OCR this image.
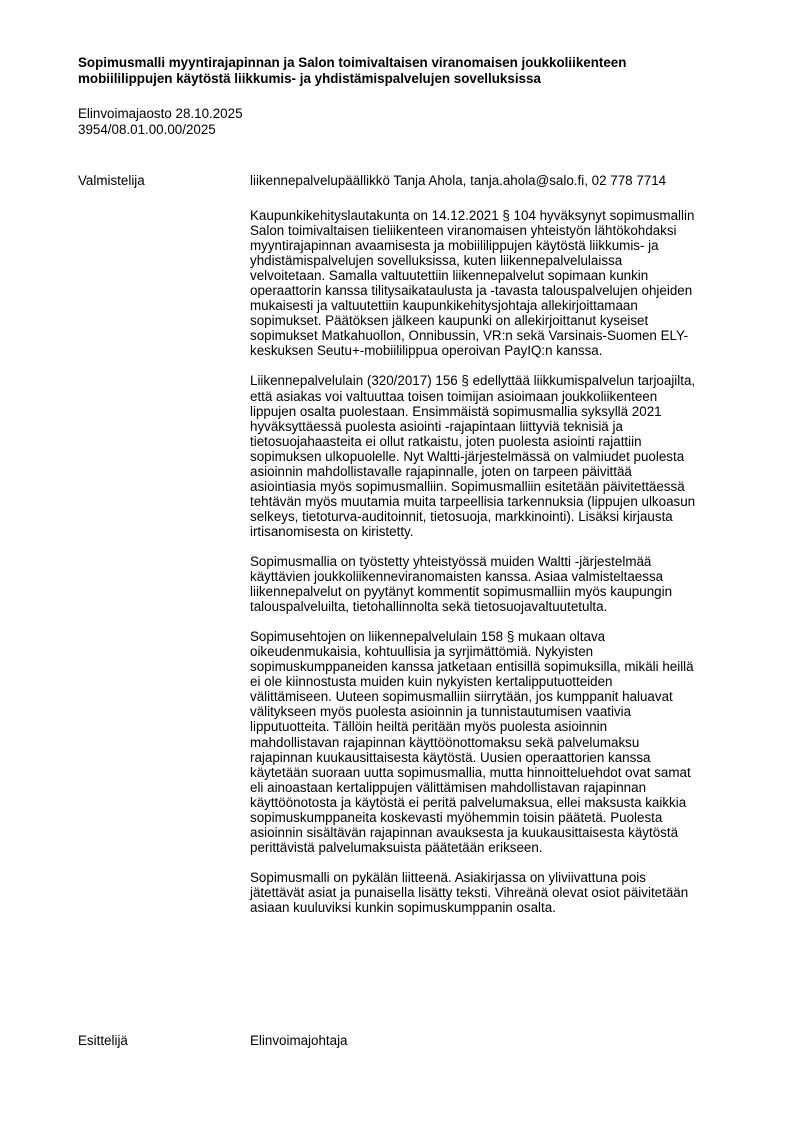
Sopimusmalli myyntirajapinnan ja Salon toimivaltaisen viranomaisen joukkoliikenteen
mobiililippujen käytöstä liikkumis- ja yhdistämispalvelujen sovelluksissa
Elinvoimajaosto 28.10.2025
3954/08.01.00.00/2025
Valmistelija	liikennepalvelupäällikkö Tanja Ahola, tanja.ahola@salo.fi, 02 778 7714

Kaupunkikehityslautakunta on 14.12.2021 § 104 hyväksynyt sopimusmallin
Salon toimivaltaisen tieliikenteen viranomaisen yhteistyön lähtökohdaksi
myyntirajapinnan avaamisesta ja mobiililippujen käytöstä liikkumis- ja
yhdistämispalvelujen sovelluksissa, kuten liikennepalvelulaissa
velvoitetaan. Samalla valtuutettiin liikennepalvelut sopimaan kunkin
operaattorin kanssa tilitysaikataulusta ja -tavasta talouspalvelujen ohjeiden
mukaisesti ja valtuutettiin kaupunkikehitysjohtaja allekirjoittamaan
sopimukset. Päätöksen jälkeen kaupunki on allekirjoittanut kyseiset
sopimukset Matkahuollon, Onnibussin, VR:n sekä Varsinais-Suomen ELY-
keskuksen Seutu+-mobiililippua operoivan PayIQ:n kanssa.

Liikennepalvelulain (320/2017) 156 § edellyttää liikkumispalvelun tarjoajilta,
että asiakas voi valtuuttaa toisen toimijan asioimaan joukkoliikenteen
lippujen osalta puolestaan. Ensimmäistä sopimusmallia syksyllä 2021
hyväksyttäessä puolesta asiointi -rajapintaan liittyviä teknisiä ja
tietosuojahaasteita ei ollut ratkaistu, joten puolesta asiointi rajattiin
sopimuksen ulkopuolelle. Nyt Waltti-järjestelmässä on valmiudet puolesta
asioinnin mahdollistavalle rajapinnalle, joten on tarpeen päivittää
asiointiasia myös sopimusmalliin. Sopimusmalliin esitetään päivitettäessä
tehtävän myös muutamia muita tarpeellisia tarkennuksia (lippujen ulkoasun
selkeys, tietoturva-auditoinnit, tietosuoja, markkinointi). Lisäksi kirjausta
irtisanomisesta on kiristetty.

Sopimusmallia on työstetty yhteistyössä muiden Waltti -järjestelmää
käyttävien joukkoliikenneviranomaisten kanssa. Asiaa valmisteltaessa
liikennepalvelut on pyytänyt kommentit sopimusmalliin myös kaupungin
talouspalveluilta, tietohallinnolta sekä tietosuojavaltuutetulta.

Sopimusehtojen on liikennepalvelulain 158 § mukaan oltava
oikeudenmukaisia, kohtuullisia ja syrjimättömiä. Nykyisten
sopimuskumppaneiden kanssa jatketaan entisillä sopimuksilla, mikäli heillä
ei ole kiinnostusta muiden kuin nykyisten kertalipputuotteiden
välittämiseen. Uuteen sopimusmalliin siirrytään, jos kumppanit haluavat
välitykseen myös puolesta asioinnin ja tunnistautumisen vaativia
lipputuotteita. Tällöin heiltä peritään myös puolesta asioinnin
mahdollistavan rajapinnan käyttöönottomaksu sekä palvelumaksu
rajapinnan kuukausittaisesta käytöstä. Uusien operaattorien kanssa
käytetään suoraan uutta sopimusmallia, mutta hinnoitteluehdot ovat samat
eli ainoastaan kertalippujen välittämisen mahdollistavan rajapinnan
käyttöönotosta ja käytöstä ei peritä palvelumaksua, ellei maksusta kaikkia
sopimuskumppaneita koskevasti myöhemmin toisin päätetä. Puolesta
asioinnin sisältävän rajapinnan avauksesta ja kuukausittaisesta käytöstä
perittävistä palvelumaksuista päätetään erikseen.

Sopimusmalli on pykälän liitteenä. Asiakirjassa on yliviivattuna pois
jätettävät asiat ja punaisella lisätty teksti. Vihreänä olevat osiot päivitetään
asiaan kuuluviksi kunkin sopimuskumppanin osalta.

Esittelijä	Elinvoimajohtaja
